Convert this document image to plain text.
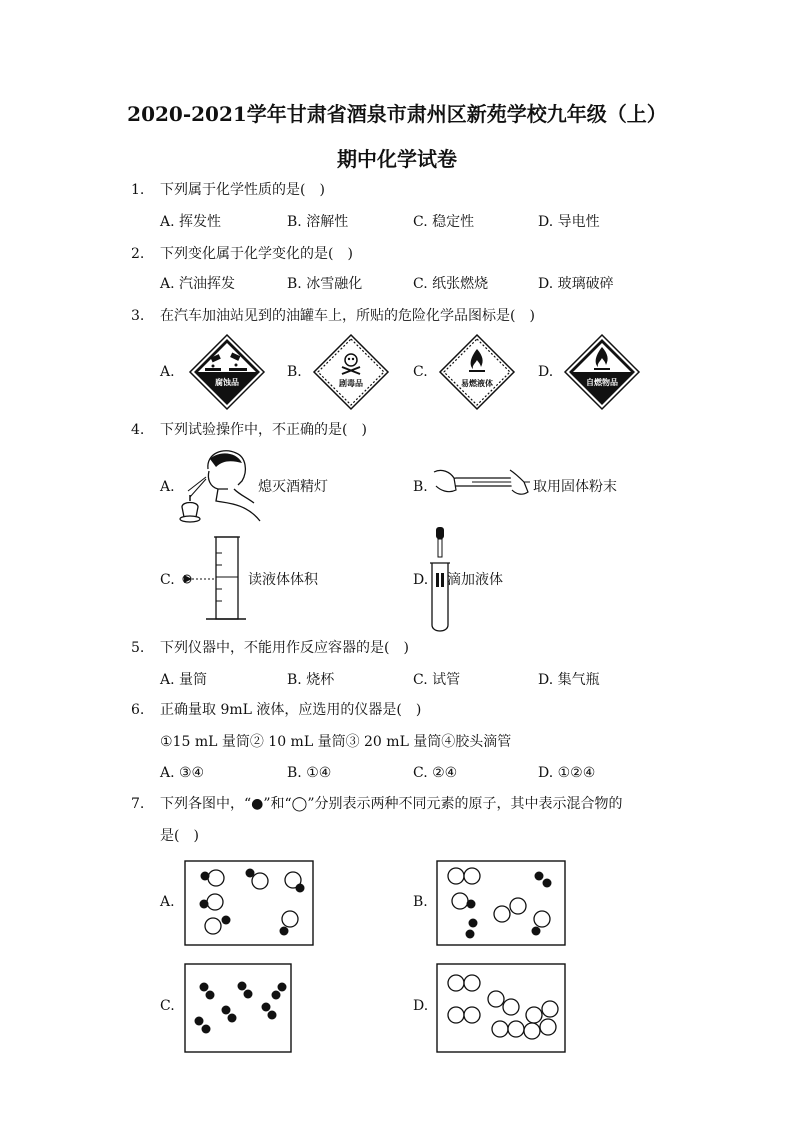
2020-2021学年甘肃省酒泉市肃州区新苑学校九年级（上）
期中化学试卷
1. 下列属于化学性质的是(　)
A. 挥发性	B. 溶解性	C. 稳定性	D. 导电性
2. 下列变化属于化学变化的是(　)
A. 汽油挥发	B. 冰雪融化	C. 纸张燃烧	D. 玻璃破碎
3. 在汽车加油站见到的油罐车上，所贴的危险化学品图标是(　)
A.	B.	C.	D.
腐蚀品	剧毒品	易燃液体	自燃物品
4. 下列试验操作中，不正确的是(　)
A.	熄灭酒精灯	B.	取用固体粉末
C.	读液体体积	D. 滴加液体
5. 下列仪器中，不能用作反应容器的是(　)
A. 量筒	B. 烧杯	C. 试管	D. 集气瓶
6. 正确量取 9mL 液体，应选用的仪器是(　)
①15 mL 量筒② 10 mL 量筒③ 20 mL 量筒④胶头滴管
A. ③④	B. ①④	C. ②④	D. ①②④
7. 下列各图中，“●”和“◯”分别表示两种不同元素的原子，其中表示混合物的
是(　)
A.	B.
C.	D.
